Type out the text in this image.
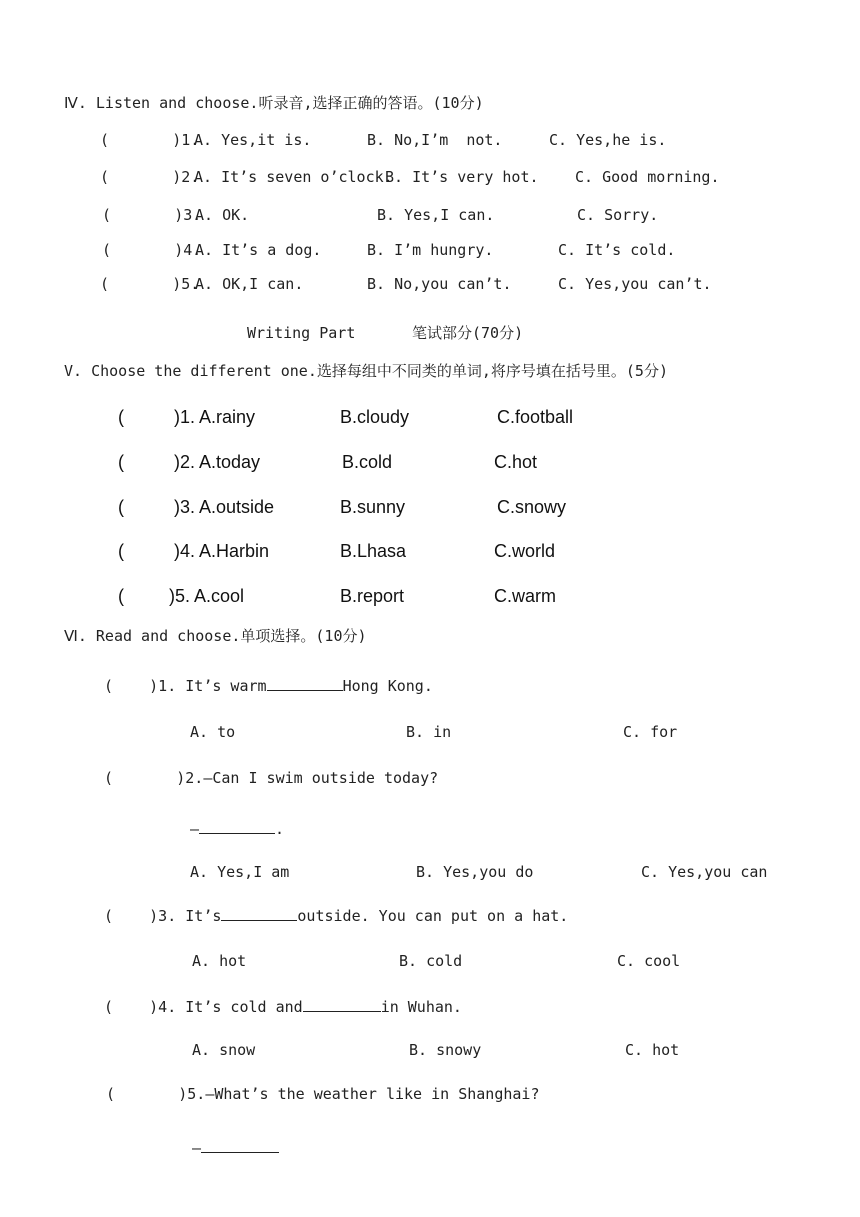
Ⅳ. Listen and choose.听录音,选择正确的答语。(10分)
(       )1.
A. Yes,it is.	B. No,I’m  not.	C. Yes,he is.
(       )2.
A. It’s seven o’clock.
B. It’s very hot. C. Good morning.
(       )3.
A. OK.	B. Yes,I can.	C. Sorry.
(       )4.
A. It’s a dog.	B. I’m hungry.	C. It’s cold.
(       )5.
A. OK,I can.	B. No,you can’t.	C. Yes,you can’t.
Writing Part	笔试部分(70分)
V. Choose the different one.选择每组中不同类的单词,将序号填在括号里。(5分)
(          )1. A.rainy	B.cloudy	C.football
(          )2. A.today	B.cold	C.hot
(          )3. A.outside	B.sunny	C.snowy
(          )4. A.Harbin	B.Lhasa	C.world
(         )5. A.cool	B.report	C.warm
Ⅵ. Read and choose.单项选择。(10分)
(    )1. It’s warm	Hong Kong.
A. to	B. in	C. for
(       )2.—Can I swim outside today?
—	.
A. Yes,I am	B. Yes,you do	C. Yes,you can
(    )3. It’s	outside. You can put on a hat.
A. hot	B. cold	C. cool
(    )4. It’s cold and	in Wuhan.
A. snow	B. snowy	C. hot
(       )5.—What’s the weather like in Shanghai?
—
